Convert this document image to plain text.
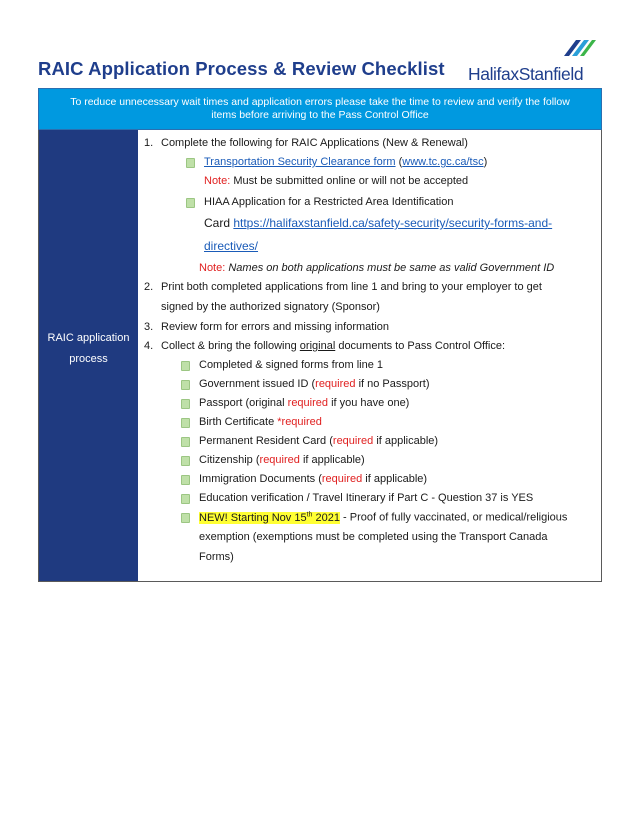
RAIC Application Process & Review Checklist HalifaxStanfield
To reduce unnecessary wait times and application errors please take the time to review and verify the follow
items before arriving to the Pass Control Office
RAIC application
process
1. Complete the following for RAIC Applications (New & Renewal)
Transportation Security Clearance form (www.tc.gc.ca/tsc)
Note: Must be submitted online or will not be accepted
HIAA Application for a Restricted Area Identification
Card https://halifaxstanfield.ca/safety-security/security-forms-and-
directives/
Note: Names on both applications must be same as valid Government ID
2. Print both completed applications from line 1 and bring to your employer to get
signed by the authorized signatory (Sponsor)
3. Review form for errors and missing information
4. Collect & bring the following original documents to Pass Control Office:
Completed & signed forms from line 1
Government issued ID (required if no Passport)
Passport (original required if you have one)
Birth Certificate *required
Permanent Resident Card (required if applicable)
Citizenship (required if applicable)
Immigration Documents (required if applicable)
Education verification / Travel Itinerary if Part C - Question 37 is YES
NEW! Starting Nov 15th 2021 - Proof of fully vaccinated, or medical/religious
exemption (exemptions must be completed using the Transport Canada
Forms)
